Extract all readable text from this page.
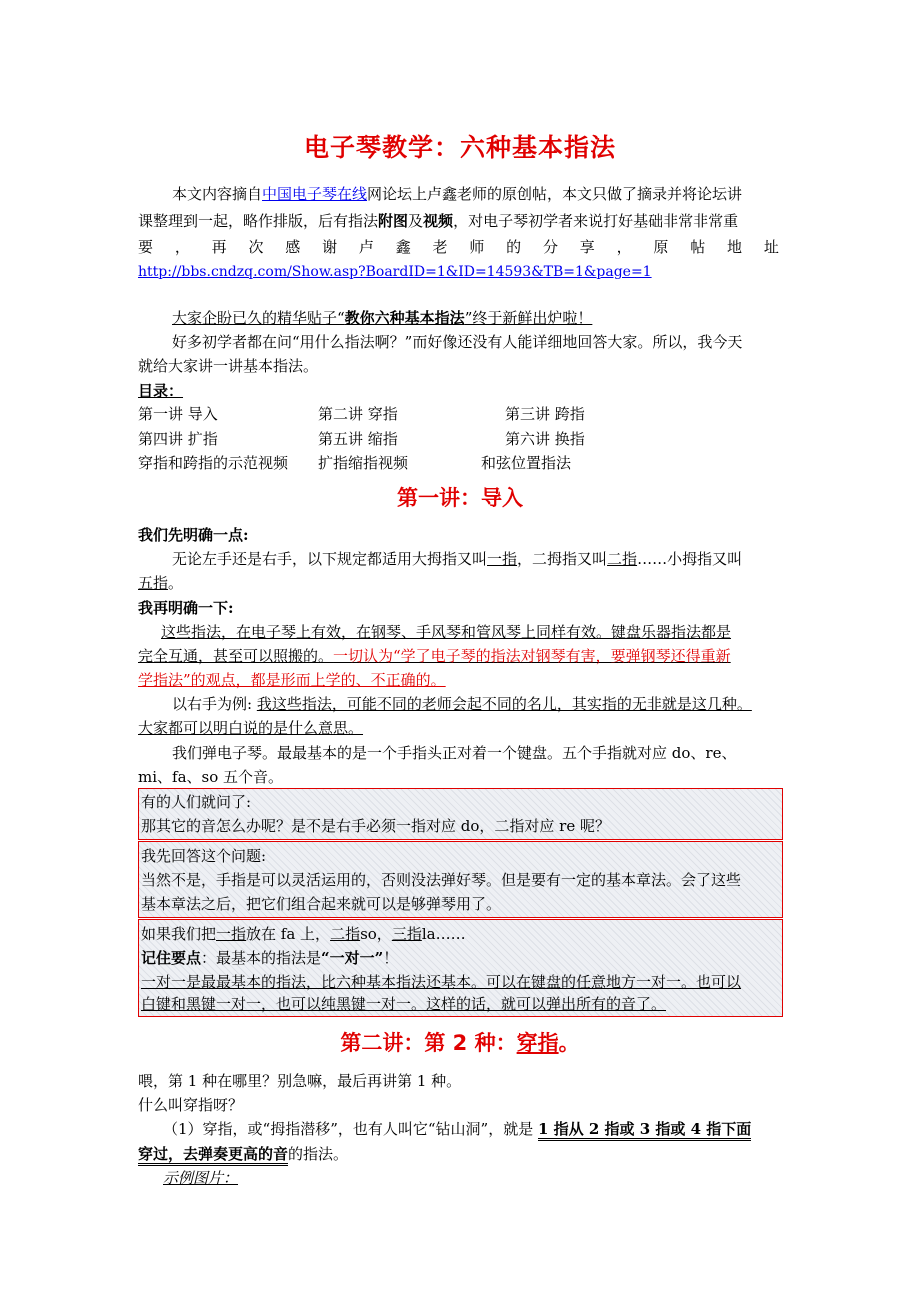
电子琴教学：六种基本指法
本文内容摘自中国电子琴在线网论坛上卢鑫老师的原创帖，本文只做了摘录并将论坛讲
课整理到一起，略作排版，后有指法附图及视频，对电子琴初学者来说打好基础非常非常重
要 ， 再 次 感 谢 卢 鑫 老 师 的 分 享 ， 原 帖 地 址
http://bbs.cndzq.com/Show.asp?BoardID=1&ID=14593&TB=1&page=1
大家企盼已久的精华贴子“教你六种基本指法”终于新鲜出炉啦！
好多初学者都在问“用什么指法啊？”而好像还没有人能详细地回答大家。所以，我今天
就给大家讲一讲基本指法。
目录：
第一讲 导入	第二讲 穿指	第三讲 跨指
第四讲 扩指	第五讲 缩指	第六讲 换指
穿指和跨指的示范视频 扩指缩指视频	和弦位置指法
第一讲：导入
我们先明确一点:
无论左手还是右手，以下规定都适用大拇指又叫一指，二拇指又叫二指……小拇指又叫
五指。
我再明确一下:
这些指法，在电子琴上有效，在钢琴、手风琴和管风琴上同样有效。键盘乐器指法都是
完全互通，甚至可以照搬的。一切认为“学了电子琴的指法对钢琴有害，要弹钢琴还得重新
学指法”的观点，都是形而上学的、不正确的。
以右手为例: 我这些指法，可能不同的老师会起不同的名儿，其实指的无非就是这几种。
大家都可以明白说的是什么意思。
我们弹电子琴。最最基本的是一个手指头正对着一个键盘。五个手指就对应 do、re、
mi、fa、so 五个音。
有的人们就问了:
那其它的音怎么办呢？是不是右手必须一指对应 do，二指对应 re 呢？
我先回答这个问题:
当然不是，手指是可以灵活运用的，否则没法弹好琴。但是要有一定的基本章法。会了这些
基本章法之后，把它们组合起来就可以是够弹琴用了。
如果我们把一指放在 fa 上，二指so，三指la……
记住要点：最基本的指法是“一对一”！
一对一是最最基本的指法，比六种基本指法还基本。可以在键盘的任意地方一对一。也可以
白键和黑键一对一，也可以纯黑键一对一。这样的话，就可以弹出所有的音了。
第二讲：第 2 种：穿指。
喂，第 1 种在哪里？别急嘛，最后再讲第 1 种。
什么叫穿指呀？
（1）穿指，或“拇指潜移”，也有人叫它“钻山洞”，就是 1 指从 2 指或 3 指或 4 指下面
穿过，去弹奏更高的音的指法。
示例图片：
